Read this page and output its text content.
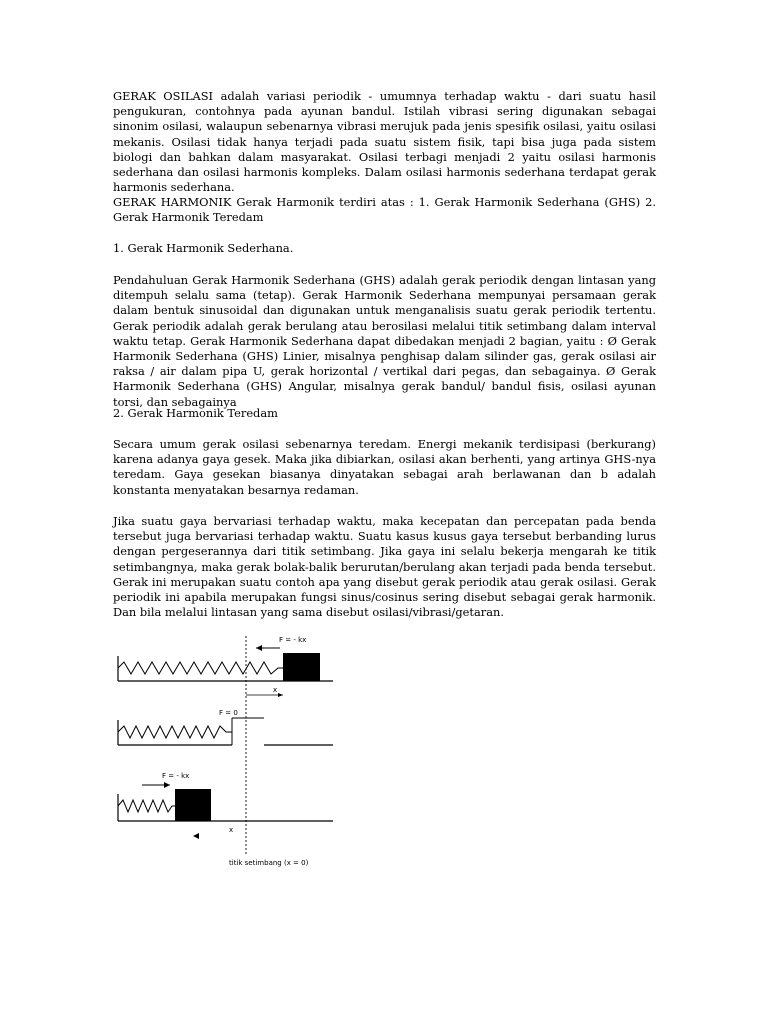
GERAK OSILASI adalah variasi periodik - umumnya terhadap waktu - dari suatu hasil pengukuran, contohnya pada ayunan bandul. Istilah vibrasi sering digunakan sebagai sinonim osilasi, walaupun sebenarnya vibrasi merujuk pada jenis spesifik osilasi, yaitu osilasi mekanis. Osilasi tidak hanya terjadi pada suatu sistem fisik, tapi bisa juga pada sistem biologi dan bahkan dalam masyarakat. Osilasi terbagi menjadi 2 yaitu osilasi harmonis sederhana dan osilasi harmonis kompleks. Dalam osilasi harmonis sederhana terdapat gerak harmonis sederhana.

GERAK HARMONIK Gerak Harmonik terdiri atas : 1. Gerak Harmonik Sederhana (GHS) 2. Gerak Harmonik Teredam

1. Gerak Harmonik Sederhana.

Pendahuluan Gerak Harmonik Sederhana (GHS) adalah gerak periodik dengan lintasan yang ditempuh selalu sama (tetap). Gerak Harmonik Sederhana mempunyai persamaan gerak dalam bentuk sinusoidal dan digunakan untuk menganalisis suatu gerak periodik tertentu. Gerak periodik adalah gerak berulang atau berosilasi melalui titik setimbang dalam interval waktu tetap. Gerak Harmonik Sederhana dapat dibedakan menjadi 2 bagian, yaitu : Ø Gerak Harmonik Sederhana (GHS) Linier, misalnya penghisap dalam silinder gas, gerak osilasi air raksa / air dalam pipa U, gerak horizontal / vertikal dari pegas, dan sebagainya. Ø Gerak Harmonik Sederhana (GHS) Angular, misalnya gerak bandul/ bandul fisis, osilasi ayunan torsi, dan sebagainya

2. Gerak Harmonik Teredam

Secara umum gerak osilasi sebenarnya teredam. Energi mekanik terdisipasi (berkurang) karena adanya gaya gesek. Maka jika dibiarkan, osilasi akan berhenti, yang artinya GHS-nya teredam. Gaya gesekan biasanya dinyatakan sebagai arah berlawanan dan b adalah konstanta menyatakan besarnya redaman.

Jika suatu gaya bervariasi terhadap waktu, maka kecepatan dan percepatan pada benda tersebut juga bervariasi terhadap waktu. Suatu kasus kusus gaya tersebut berbanding lurus dengan pergeserannya dari titik setimbang. Jika gaya ini selalu bekerja mengarah ke titik setimbangnya, maka gerak bolak-balik berurutan/berulang akan terjadi pada benda tersebut. Gerak ini merupakan suatu contoh apa yang disebut gerak periodik atau gerak osilasi. Gerak periodik ini apabila merupakan fungsi sinus/cosinus sering disebut sebagai gerak harmonik. Dan bila melalui lintasan yang sama disebut osilasi/vibrasi/getaran.

F = - kx
x
F = 0
F = - kx
x
titik setimbang (x = 0)
